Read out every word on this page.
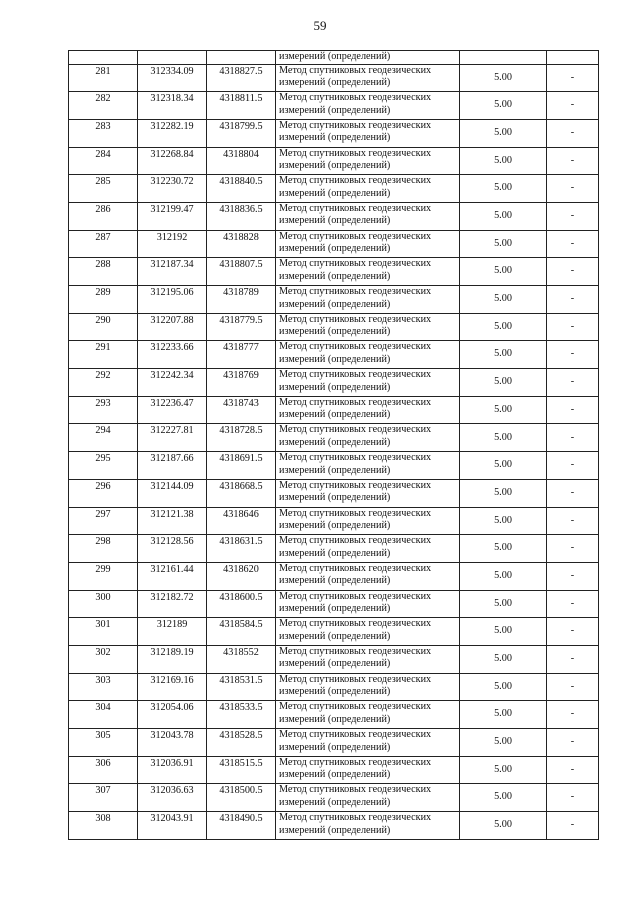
59
			измерений (определений)		

281	312334.09	4318827.5	Метод спутниковых геодезических
измерений (определений)	5.00	-

282	312318.34	4318811.5	Метод спутниковых геодезических
измерений (определений)	5.00	-

283	312282.19	4318799.5	Метод спутниковых геодезических
измерений (определений)	5.00	-

284	312268.84	4318804	Метод спутниковых геодезических
измерений (определений)	5.00	-

285	312230.72	4318840.5	Метод спутниковых геодезических
измерений (определений)	5.00	-

286	312199.47	4318836.5	Метод спутниковых геодезических
измерений (определений)	5.00	-

287	312192	4318828	Метод спутниковых геодезических
измерений (определений)	5.00	-

288	312187.34	4318807.5	Метод спутниковых геодезических
измерений (определений)	5.00	-

289	312195.06	4318789	Метод спутниковых геодезических
измерений (определений)	5.00	-

290	312207.88	4318779.5	Метод спутниковых геодезических
измерений (определений)	5.00	-

291	312233.66	4318777	Метод спутниковых геодезических
измерений (определений)	5.00	-

292	312242.34	4318769	Метод спутниковых геодезических
измерений (определений)	5.00	-

293	312236.47	4318743	Метод спутниковых геодезических
измерений (определений)	5.00	-

294	312227.81	4318728.5	Метод спутниковых геодезических
измерений (определений)	5.00	-

295	312187.66	4318691.5	Метод спутниковых геодезических
измерений (определений)	5.00	-

296	312144.09	4318668.5	Метод спутниковых геодезических
измерений (определений)	5.00	-

297	312121.38	4318646	Метод спутниковых геодезических
измерений (определений)	5.00	-

298	312128.56	4318631.5	Метод спутниковых геодезических
измерений (определений)	5.00	-

299	312161.44	4318620	Метод спутниковых геодезических
измерений (определений)	5.00	-

300	312182.72	4318600.5	Метод спутниковых геодезических
измерений (определений)	5.00	-

301	312189	4318584.5	Метод спутниковых геодезических
измерений (определений)	5.00	-

302	312189.19	4318552	Метод спутниковых геодезических
измерений (определений)	5.00	-

303	312169.16	4318531.5	Метод спутниковых геодезических
измерений (определений)	5.00	-

304	312054.06	4318533.5	Метод спутниковых геодезических
измерений (определений)	5.00	-

305	312043.78	4318528.5	Метод спутниковых геодезических
измерений (определений)	5.00	-

306	312036.91	4318515.5	Метод спутниковых геодезических
измерений (определений)	5.00	-

307	312036.63	4318500.5	Метод спутниковых геодезических
измерений (определений)	5.00	-

308	312043.91	4318490.5	Метод спутниковых геодезических
измерений (определений)	5.00	-
